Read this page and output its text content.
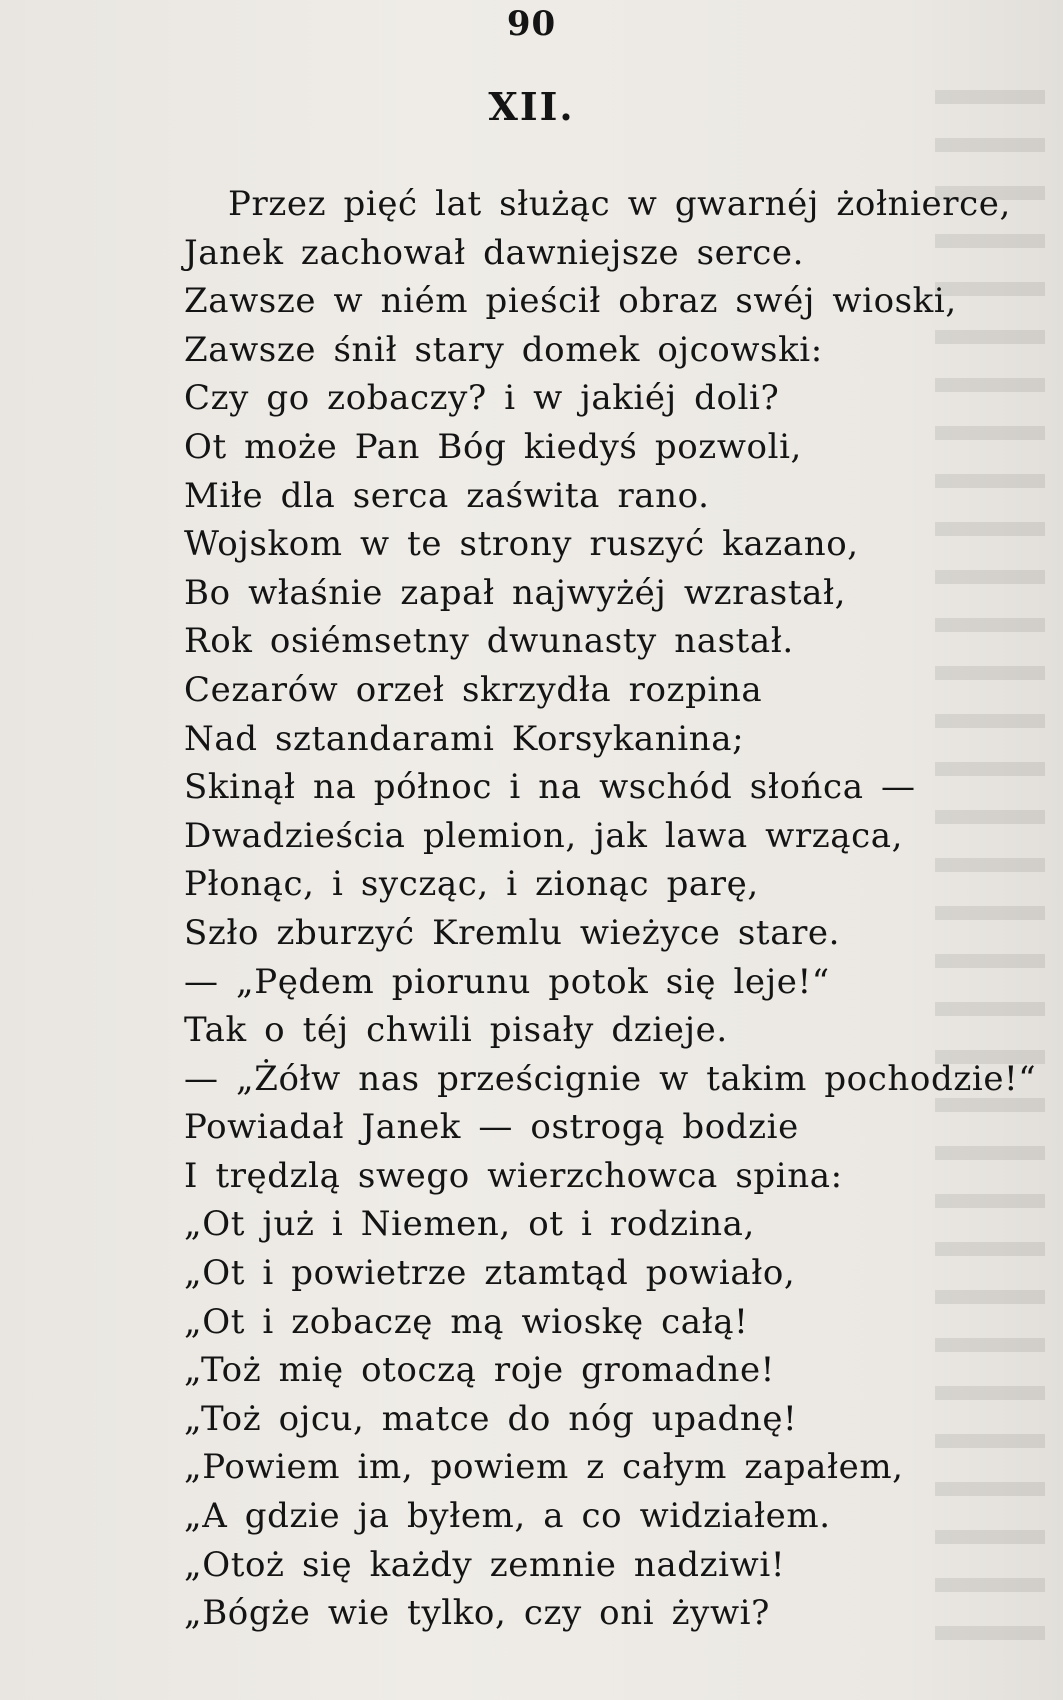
90
XII.
Przez pięć lat służąc w gwarnéj żołnierce,
Janek zachował dawniejsze serce.
Zawsze w niém pieścił obraz swéj wioski,
Zawsze śnił stary domek ojcowski:
Czy go zobaczy? i w jakiéj doli?
Ot może Pan Bóg kiedyś pozwoli,
Miłe dla serca zaświta rano.
Wojskom w te strony ruszyć kazano,
Bo właśnie zapał najwyżéj wzrastał,
Rok osiémsetny dwunasty nastał.
Cezarów orzeł skrzydła rozpina
Nad sztandarami Korsykanina;
Skinął na północ i na wschód słońca —
Dwadzieścia plemion, jak lawa wrząca,
Płonąc, i sycząc, i zionąc parę,
Szło zburzyć Kremlu wieżyce stare.
— „Pędem piorunu potok się leje!“
Tak o téj chwili pisały dzieje.
— „Żółw nas prześcignie w takim pochodzie!“
Powiadał Janek — ostrogą bodzie
I trędzlą swego wierzchowca spina:
„Ot już i Niemen, ot i rodzina,
„Ot i powietrze ztamtąd powiało,
„Ot i zobaczę mą wioskę całą!
„Toż mię otoczą roje gromadne!
„Toż ojcu, matce do nóg upadnę!
„Powiem im, powiem z całym zapałem,
„A gdzie ja byłem, a co widziałem.
„Otoż się każdy zemnie nadziwi!
„Bógże wie tylko, czy oni żywi?
